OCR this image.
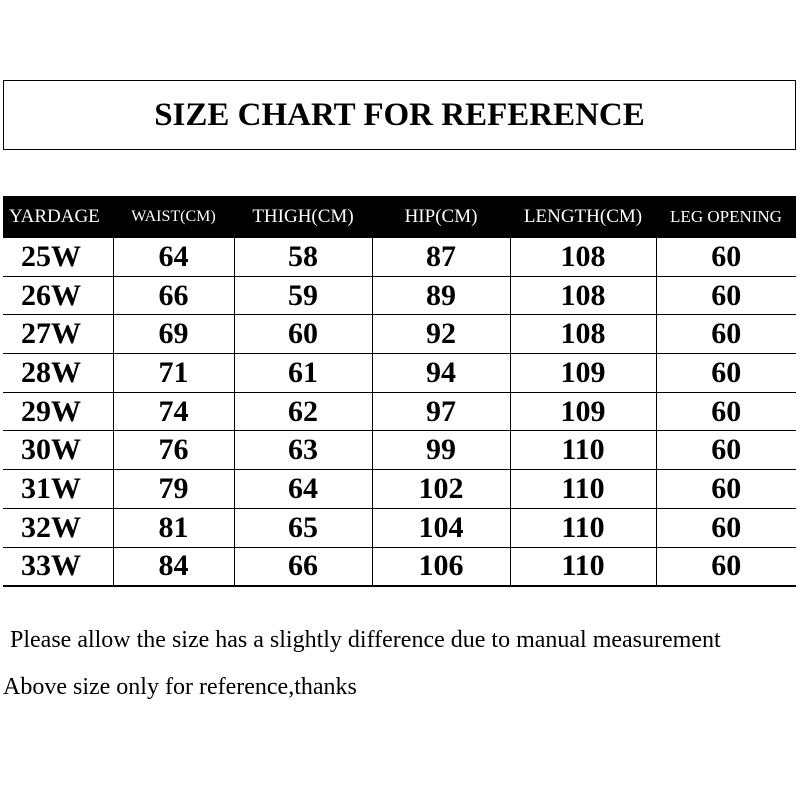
SIZE CHART FOR REFERENCE
YARDAGE	WAIST(CM)	THIGH(CM)	HIP(CM)	LENGTH(CM)	LEG OPENING
25W	64	58	87	108	60
26W	66	59	89	108	60
27W	69	60	92	108	60
28W	71	61	94	109	60
29W	74	62	97	109	60
30W	76	63	99	110	60
31W	79	64	102	110	60
32W	81	65	104	110	60
33W	84	66	106	110	60
Please allow the size has a slightly difference due to manual measurement
Above size only for reference,thanks
